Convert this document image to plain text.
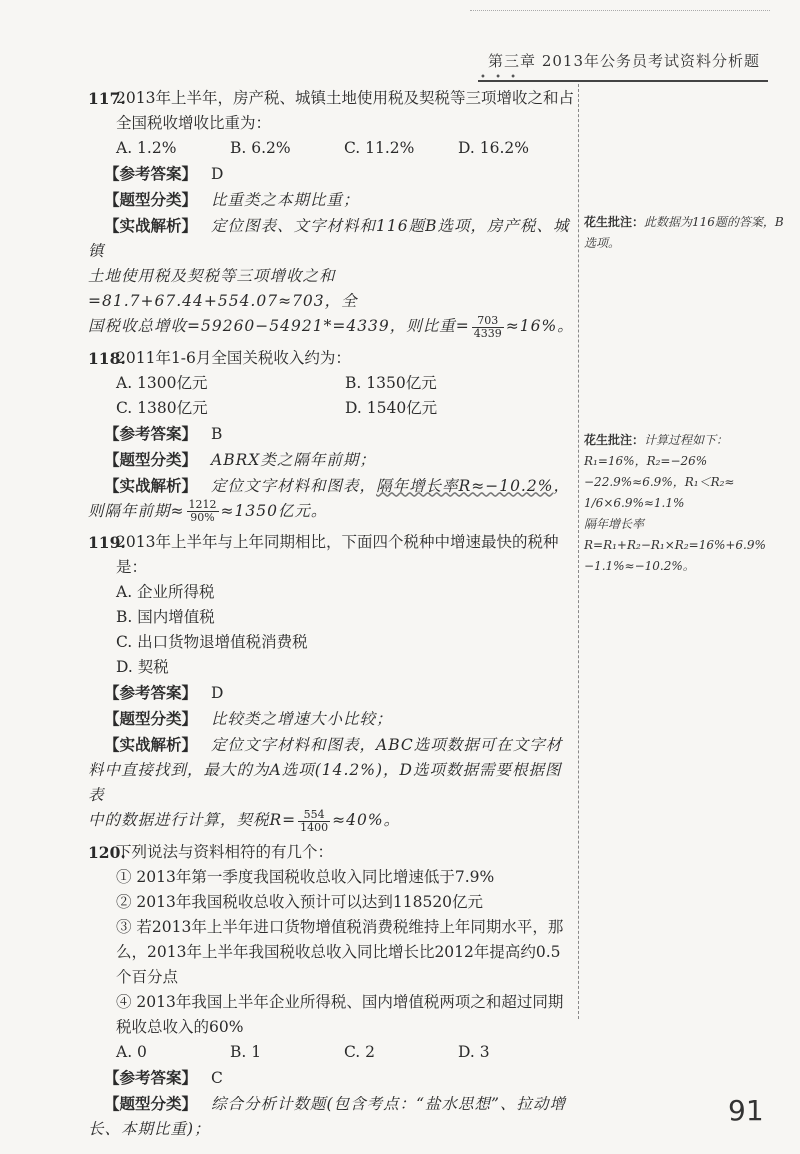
第三章 2013年公务员考试资料分析题
• • •
117.
2013年上半年，房产税、城镇土地使用税及契税等三项增收之和占全国税收增收比重为：
A. 1.2%	B. 6.2%	C. 11.2%	D. 16.2%
【 参考答案 】 D
【 题型分类 】 比重类之本期比重；
【 实战解析 】 定位图表、文字材料和116题B选项，房产税、城镇
土地使用税及契税等三项增收之和=81.7+67.44+554.07≈703，全
国税收总增收=59260−54921*=4339，则比重= $\frac{703}{4339} \approx 16\%$。
118.
2011年1-6月全国关税收入约为：
A. 1300亿元	B. 1350亿元
C. 1380亿元	D. 1540亿元
【 参考答案 】 B
【 题型分类 】 ABRX类之隔年前期；
【 实战解析 】 定位文字材料和图表，隔年增长率R≈−10.2%，
则隔年前期≈ $\frac{1212}{90\%} \approx 1350$亿元。
119.
2013年上半年与上年同期相比，下面四个税种中增速最快的税种是：
A. 企业所得税
B. 国内增值税
C. 出口货物退增值税消费税
D. 契税
【 参考答案 】 D
【 题型分类 】 比较类之增速大小比较；
【 实战解析 】 定位文字材料和图表，ABC选项数据可在文字材
料中直接找到，最大的为A选项(14.2%)，D选项数据需要根据图表
中的数据进行计算，契税$R= \frac{554}{1400} \approx 40\%$。
120.
下列说法与资料相符的有几个：
① 2013年第一季度我国税收总收入同比增速低于7.9%
② 2013年我国税收总收入预计可以达到118520亿元
③ 若2013年上半年进口货物增值税消费税维持上年同期水平，那么，2013年上半年我国税收总收入同比增长比2012年提高约0.5个百分点
④ 2013年我国上半年企业所得税、国内增值税两项之和超过同期税收总收入的60%
A. 0	B. 1	C. 2	D. 3
【 参考答案 】 C
【 题型分类 】 综合分析计数题(包含考点：“盐水思想”、拉动增
长、本期比重)；
花生批注：此数据为116题的答案，B选项。
花生批注：计算过程如下：R₁=16%，R₂=−26%−22.9%≈6.9%，R₁＜R₂≈ 1/6×6.9%≈1.1%
隔年增长率R=R₁+R₂−R₁×R₂=16%+6.9%−1.1%≈−10.2%。
91
